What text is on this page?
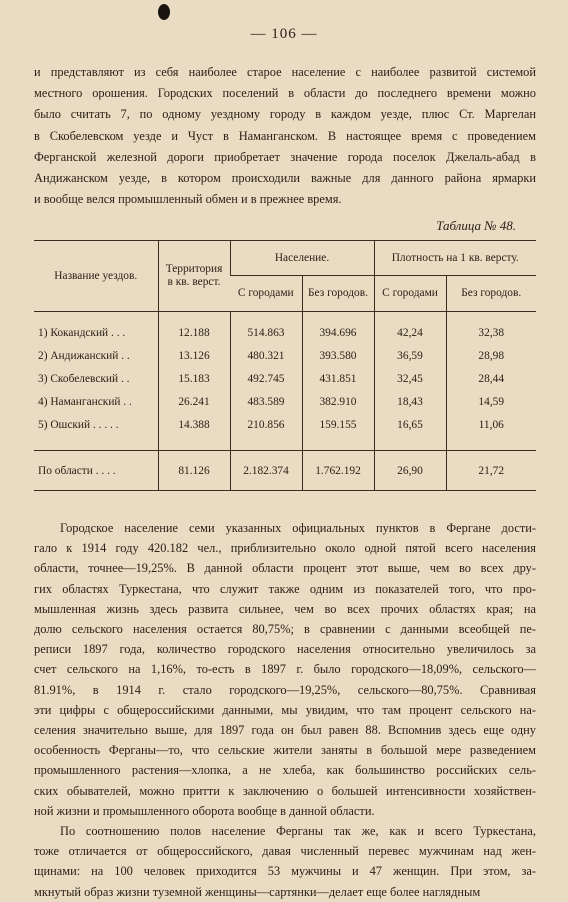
— 106 —

и представляют из себя наиболее старое население с наиболее развитой системой
местного орошения. Городских поселений в области до последнего времени можно
было считать 7, по одному уездному городу в каждом уезде, плюс Ст. Маргелан
в Скобелевском уезде и Чуст в Наманганском. В настоящее время с проведением
Ферганской железной дороги приобретает значение города поселок Джелаль-абад в
Андижанском уезде, в котором происходили важные для данного района ярмарки
и вообще велся промышленный обмен и в прежнее время.

Таблица № 48.
Название уездов.	Территория в кв. верст.	Население.		Плотность на 1 кв. версту.	
		С городами	Без городов.	С городами	Без городов.

1) Кокандский . . .	12.188	514.863	394.696	42,24	32,38
2) Андижанский . .	13.126	480.321	393.580	36,59	28,98
3) Скобелевский . .	15.183	492.745	431.851	32,45	28,44
4) Наманганский . .	26.241	483.589	382.910	18,43	14,59
5) Ошский . . . . .	14.388	210.856	159.155	16,65	11,06

По области . . . .	81.126	2.182.374	1.762.192	26,90	21,72

Городское население семи указанных официальных пунктов в Фергане дости-
гало к 1914 году 420.182 чел., приблизительно около одной пятой всего населения
области, точнее—19,25%. В данной области процент этот выше, чем во всех дру-
гих областях Туркестана, что служит также одним из показателей того, что про-
мышленная жизнь здесь развита сильнее, чем во всех прочих областях края; на
долю сельского населения остается 80,75%; в сравнении с данными всеобщей пе-
реписи 1897 года, количество городского населения относительно увеличилось за
счет сельского на 1,16%, то-есть в 1897 г. было городского—18,09%, сельского—
81.91%, в 1914 г. стало городского—19,25%, сельского—80,75%. Сравнивая
эти цифры с общероссийскими данными, мы увидим, что там процент сельского на-
селения значительно выше, для 1897 года он был равен 88. Вспомнив здесь еще одну
особенность Ферганы—то, что сельские жители заняты в большой мере разведением
промышленного растения—хлопка, а не хлеба, как большинство российских сель-
ских обывателей, можно притти к заключению о большей интенсивности хозяйствен-
ной жизни и промышленного оборота вообще в данной области.
По соотношению полов население Ферганы так же, как и всего Туркестана,
тоже отличается от общероссийского, давая численный перевес мужчинам над жен-
щинами: на 100 человек приходится 53 мужчины и 47 женщин. При этом, за-
мкнутый образ жизни туземной женщины—сартянки—делает еще более наглядным
